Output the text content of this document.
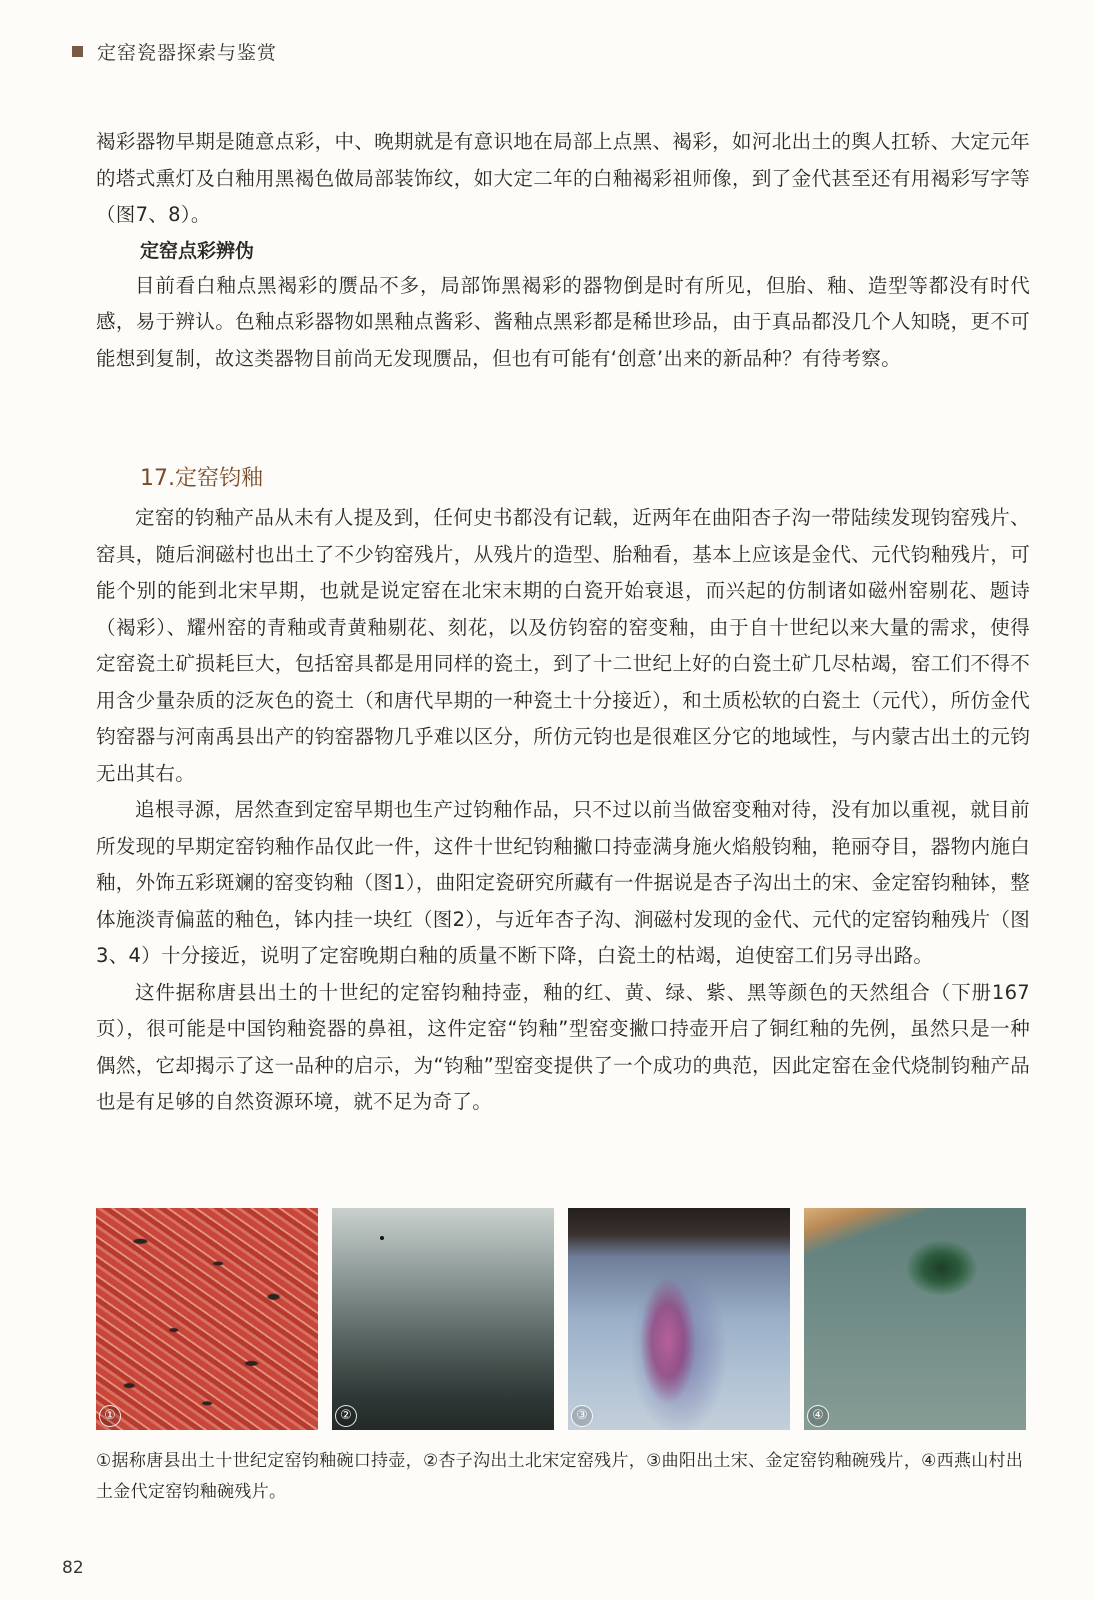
定窑瓷器探索与鉴赏

褐彩器物早期是随意点彩，中、晚期就是有意识地在局部上点黑、褐彩，如河北出土的舆人扛轿、大定元年的塔式熏灯及白釉用黑褐色做局部装饰纹，如大定二年的白釉褐彩祖师像，到了金代甚至还有用褐彩写字等（图7、8）。

定窑点彩辨伪

目前看白釉点黑褐彩的赝品不多，局部饰黑褐彩的器物倒是时有所见，但胎、釉、造型等都没有时代感，易于辨认。色釉点彩器物如黑釉点酱彩、酱釉点黑彩都是稀世珍品，由于真品都没几个人知晓，更不可能想到复制，故这类器物目前尚无发现赝品，但也有可能有‘创意’出来的新品种？有待考察。

17.定窑钧釉

定窑的钧釉产品从未有人提及到，任何史书都没有记载，近两年在曲阳杏子沟一带陆续发现钧窑残片、窑具，随后涧磁村也出土了不少钧窑残片，从残片的造型、胎釉看，基本上应该是金代、元代钧釉残片，可能个别的能到北宋早期，也就是说定窑在北宋末期的白瓷开始衰退，而兴起的仿制诸如磁州窑剔花、题诗（褐彩）、耀州窑的青釉或青黄釉剔花、刻花，以及仿钧窑的窑变釉，由于自十世纪以来大量的需求，使得定窑瓷土矿损耗巨大，包括窑具都是用同样的瓷土，到了十二世纪上好的白瓷土矿几尽枯竭，窑工们不得不用含少量杂质的泛灰色的瓷土（和唐代早期的一种瓷土十分接近），和土质松软的白瓷土（元代），所仿金代钧窑器与河南禹县出产的钧窑器物几乎难以区分，所仿元钧也是很难区分它的地域性，与内蒙古出土的元钧无出其右。

追根寻源，居然查到定窑早期也生产过钧釉作品，只不过以前当做窑变釉对待，没有加以重视，就目前所发现的早期定窑钧釉作品仅此一件，这件十世纪钧釉撇口持壶满身施火焰般钧釉，艳丽夺目，器物内施白釉，外饰五彩斑斓的窑变钧釉（图1），曲阳定瓷研究所藏有一件据说是杏子沟出土的宋、金定窑钧釉钵，整体施淡青偏蓝的釉色，钵内挂一块红（图2），与近年杏子沟、涧磁村发现的金代、元代的定窑钧釉残片（图3、4）十分接近，说明了定窑晚期白釉的质量不断下降，白瓷土的枯竭，迫使窑工们另寻出路。

这件据称唐县出土的十世纪的定窑钧釉持壶，釉的红、黄、绿、紫、黑等颜色的天然组合（下册167页），很可能是中国钧釉瓷器的鼻祖，这件定窑“钧釉”型窑变撇口持壶开启了铜红釉的先例，虽然只是一种偶然，它却揭示了这一品种的启示，为“钧釉”型窑变提供了一个成功的典范，因此定窑在金代烧制钧釉产品也是有足够的自然资源环境，就不足为奇了。

①	②	③	④
①据称唐县出土十世纪定窑钧釉碗口持壶，②杏子沟出土北宋定窑残片，③曲阳出土宋、金定窑钧釉碗残片，④西燕山村出土金代定窑钧釉碗残片。
82
